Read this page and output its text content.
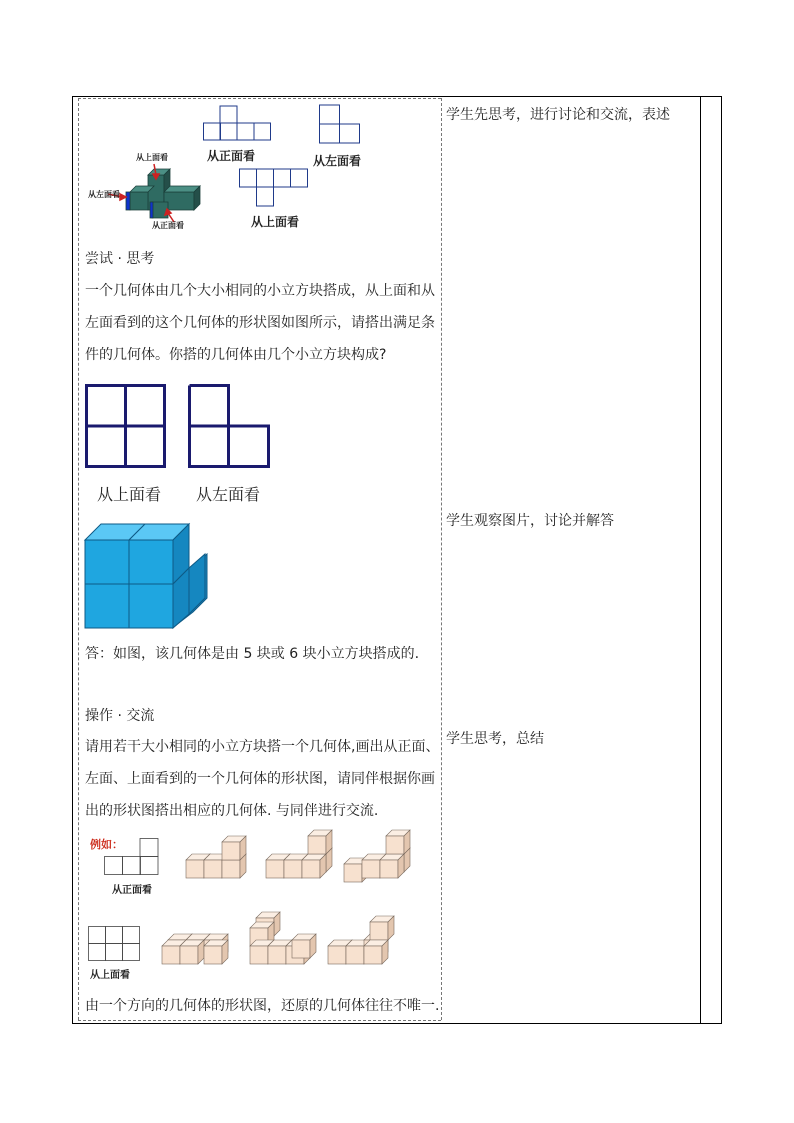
学生先思考，进行讨论和交流，表述
学生观察图片，讨论并解答
学生思考，总结
从上面看
从左面看
从正面看
从正面看	从左面看
从上面看
尝试 · 思考
一个几何体由几个大小相同的小立方块搭成，从上面和从
左面看到的这个几何体的形状图如图所示，请搭出满足条
件的几何体。你搭的几何体由几个小立方块构成?
从上面看 从左面看
答：如图，该几何体是由 5 块或 6 块小立方块搭成的.
操作 · 交流
请用若干大小相同的小立方块搭一个几何体,画出从正面、
左面、上面看到的一个几何体的形状图，请同伴根据你画
出的形状图搭出相应的几何体. 与同伴进行交流.
例如：
从正面看
从上面看
由一个方向的几何体的形状图，还原的几何体往往不唯一.
